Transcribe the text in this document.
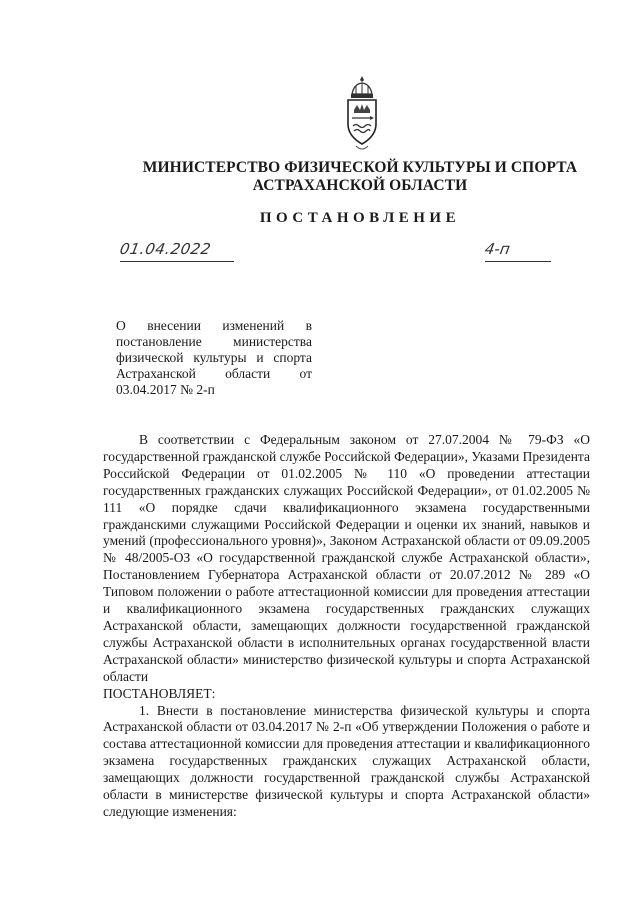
МИНИСТЕРСТВО ФИЗИЧЕСКОЙ КУЛЬТУРЫ И СПОРТА
АСТРАХАНСКОЙ ОБЛАСТИ
ПОСТАНОВЛЕНИЕ
01.04.2022	4-п
О внесении изменений в постановление министерства физической культуры и спорта Астраханской области от 03.04.2017 № 2-п

В соответствии с Федеральным законом от 27.07.2004 № 79-ФЗ «О государственной гражданской службе Российской Федерации», Указами Президента Российской Федерации от 01.02.2005 № 110 «О проведении аттестации государственных гражданских служащих Российской Федерации», от 01.02.2005 № 111 «О порядке сдачи квалификационного экзамена государственными гражданскими служащими Российской Федерации и оценки их знаний, навыков и умений (профессионального уровня)», Законом Астраханской области от 09.09.2005 № 48/2005-ОЗ «О государственной гражданской службе Астраханской области», Постановлением Губернатора Астраханской области от 20.07.2012 № 289 «О Типовом положении о работе аттестационной комиссии для проведения аттестации и квалификационного экзамена государственных гражданских служащих Астраханской области, замещающих должности государственной гражданской службы Астраханской области в исполнительных органах государственной власти Астраханской области» министерство физической культуры и спорта Астраханской области

ПОСТАНОВЛЯЕТ:

1. Внести в постановление министерства физической культуры и спорта Астраханской области от 03.04.2017 № 2-п «Об утверждении Положения о работе и состава аттестационной комиссии для проведения аттестации и квалификационного экзамена государственных гражданских служащих Астраханской области, замещающих должности государственной гражданской службы Астраханской области в министерстве физической культуры и спорта Астраханской области» следующие изменения:
